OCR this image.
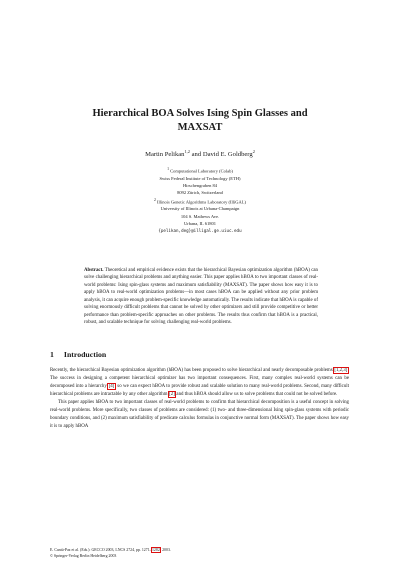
Hierarchical BOA Solves Ising Spin Glasses and
MAXSAT
Martin Pelikan$^{1,2}$ and David E. Goldberg$^2$
$^1$ Computational Laboratory (Colab)
Swiss Federal Institute of Technology (ETH)
Hirschengraben 84
8092 Zürich, Switzerland
$^2$ Illinois Genetic Algorithms Laboratory (IlliGAL)
University of Illinois at Urbana-Champaign
104 S. Mathews Ave.
Urbana, IL 61801
{pelikan,deg}@illigal.ge.uiuc.edu
Abstract. Theoretical and empirical evidence exists that the hierarchical Bayesian optimization algorithm (hBOA) can solve challenging hierarchical problems and anything easier. This paper applies hBOA to two important classes of real-world problems: Ising spin-glass systems and maximum satisfiability (MAXSAT). The paper shows how easy it is to apply hBOA to real-world optimization problems—in most cases hBOA can be applied without any prior problem analysis, it can acquire enough problem-specific knowledge automatically. The results indicate that hBOA is capable of solving enormously difficult problems that cannot be solved by other optimizers and still provide competitive or better performance than problem-specific approaches on other problems. The results thus confirm that hBOA is a practical, robust, and scalable technique for solving challenging real-world problems.
1 Introduction

Recently, the hierarchical Bayesian optimization algorithm (hBOA) has been proposed to solve hierarchical and nearly decomposable problems [1,2,3]. The success in designing a competent hierarchical optimizer has two important consequences. First, many complex real-world systems can be decomposed into a hierarchy [4], so we can expect hBOA to provide robust and scalable solution to many real-world problems. Second, many difficult hierarchical problems are intractable by any other algorithm [2] and thus hBOA should allow us to solve problems that could not be solved before.

This paper applies hBOA to two important classes of real-world problems to confirm that hierarchical decomposition is a useful concept in solving real-world problems. More specifically, two classes of problems are considered: (1) two- and three-dimensional Ising spin-glass systems with periodic boundary conditions, and (2) maximum satisfiability of predicate calculus formulas in conjunctive normal form (MAXSAT). The paper shows how easy it is to apply hBOA

E. Cantú-Paz et al. (Eds.): GECCO 2003, LNCS 2724, pp. 1271–1282, 2003.
© Springer-Verlag Berlin Heidelberg 2003
